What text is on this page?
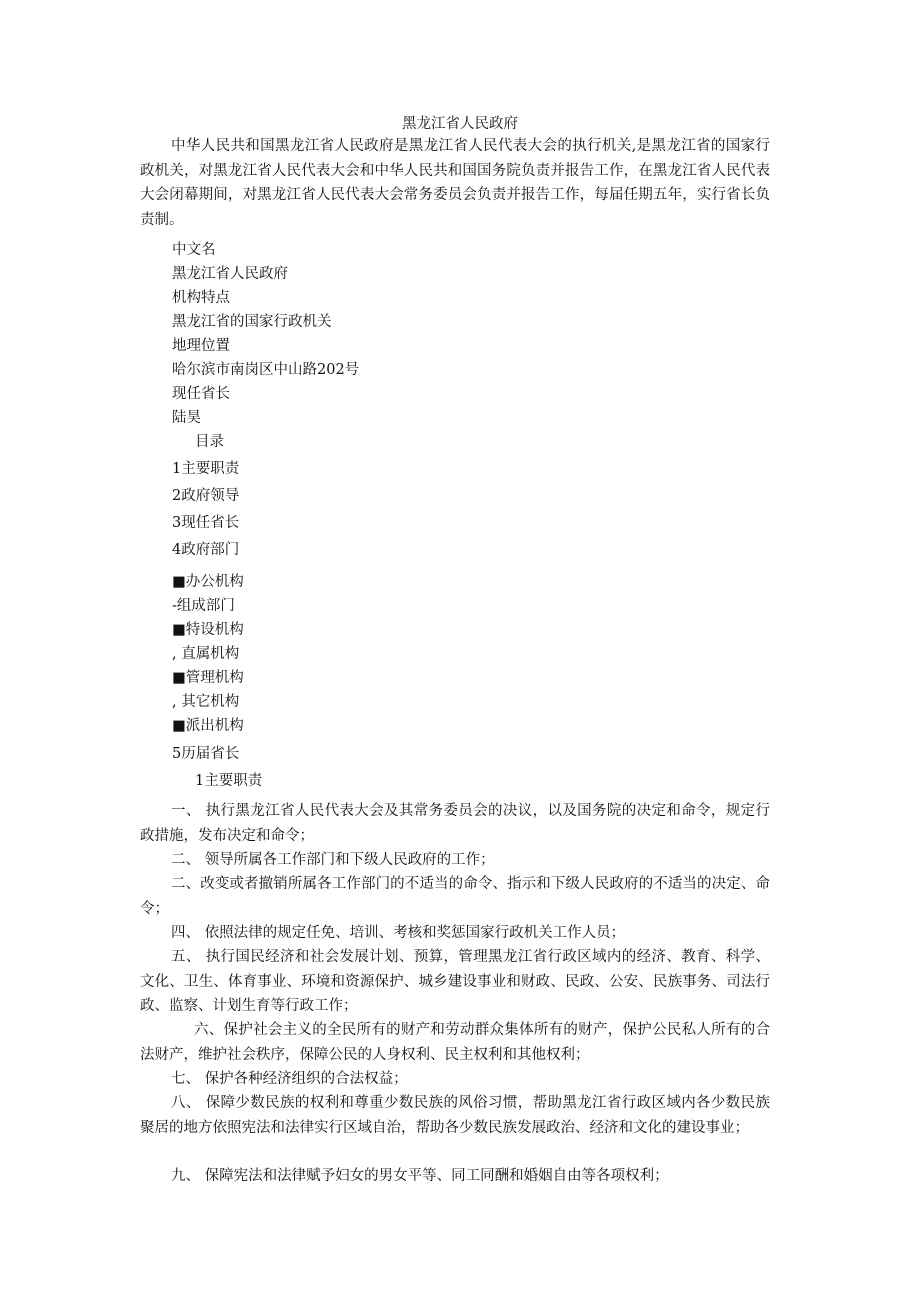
黑龙江省人民政府

中华人民共和国黑龙江省人民政府是黑龙江省人民代表大会的执行机关,是黑龙江省的国家行政机关，对黑龙江省人民代表大会和中华人民共和国国务院负责并报告工作，在黑龙江省人民代表大会闭幕期间，对黑龙江省人民代表大会常务委员会负责并报告工作，每届任期五年，实行省长负责制。

中文名
黑龙江省人民政府
机构特点
黑龙江省的国家行政机关
地理位置
哈尔滨市南岗区中山路202号
现任省长
陆昊
目录
1主要职责
2政府领导
3现任省长
4政府部门
■办公机构
-组成部门
■特设机构
, 直属机构
■管理机构
, 其它机构
■派出机构
5历届省长
1主要职责

一、 执行黑龙江省人民代表大会及其常务委员会的决议，以及国务院的决定和命令，规定行政措施，发布决定和命令；

二、 领导所属各工作部门和下级人民政府的工作；

二、改变或者撤销所属各工作部门的不适当的命令、指示和下级人民政府的不适当的决定、命令；

四、 依照法律的规定任免、培训、考核和奖惩国家行政机关工作人员；

五、 执行国民经济和社会发展计划、预算，管理黑龙江省行政区域内的经济、教育、科学、文化、卫生、体育事业、环境和资源保护、城乡建设事业和财政、民政、公安、民族事务、司法行政、监察、计划生育等行政工作；

六、保护社会主义的全民所有的财产和劳动群众集体所有的财产，保护公民私人所有的合法财产，维护社会秩序，保障公民的人身权利、民主权利和其他权利；

七、 保护各种经济组织的合法权益；

八、 保障少数民族的权利和尊重少数民族的风俗习惯，帮助黑龙江省行政区域内各少数民族聚居的地方依照宪法和法律实行区域自治，帮助各少数民族发展政治、经济和文化的建设事业；

九、 保障宪法和法律赋予妇女的男女平等、同工同酬和婚姻自由等各项权利；
